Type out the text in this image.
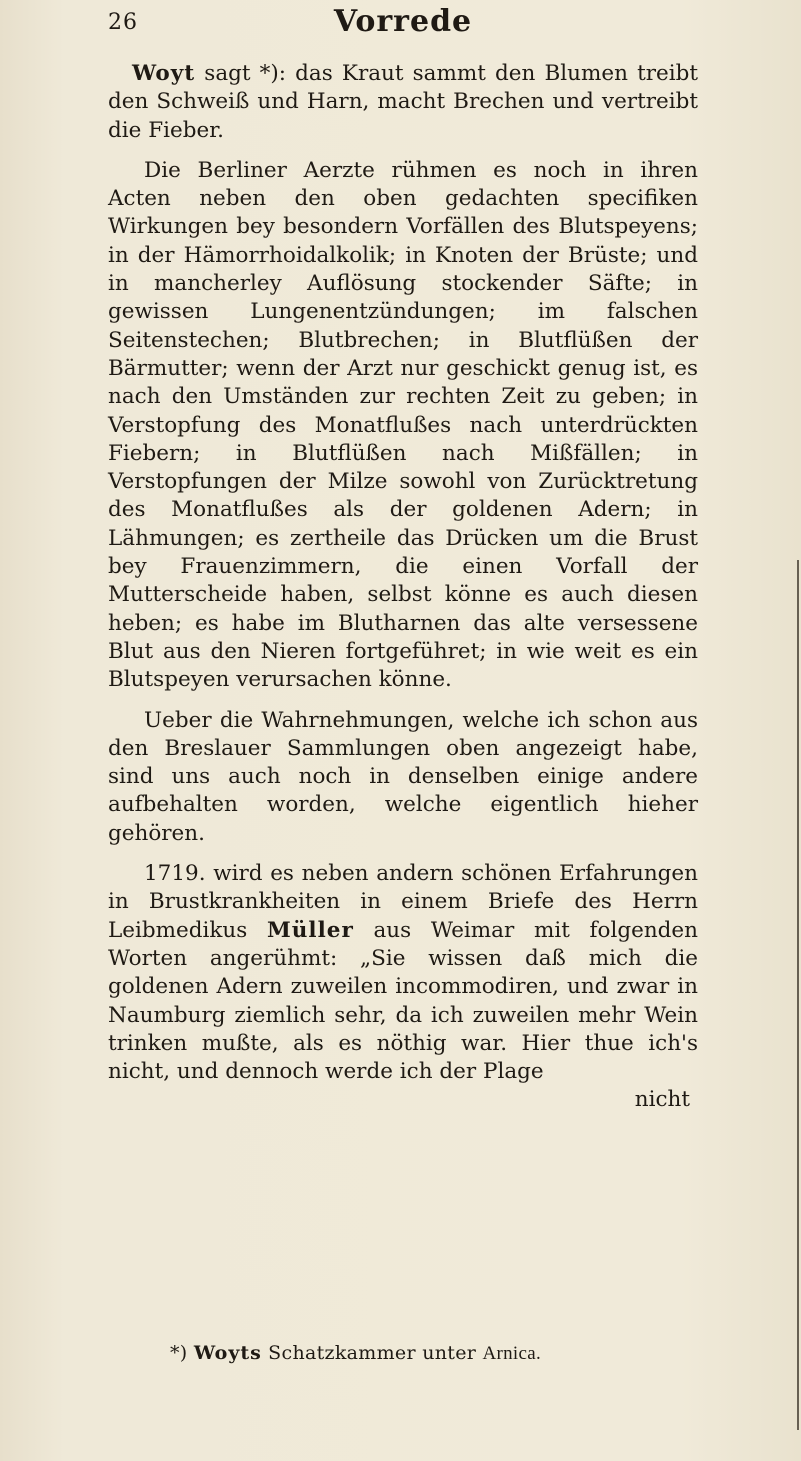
26	Vorrede

Woyt sagt *): das Kraut sammt den Blumen treibt den Schweiß und Harn, macht Brechen und vertreibt die Fieber.

Die Berliner Aerzte rühmen es noch in ihren Acten neben den oben gedachten specifiken Wirkungen bey besondern Vorfällen des Blutspeyens; in der Hämorrhoidalkolik; in Knoten der Brüste; und in mancherley Auflösung stockender Säfte; in gewissen Lungenentzündungen; im falschen Seitenstechen; Blutbrechen; in Blutflüßen der Bärmutter; wenn der Arzt nur geschickt genug ist, es nach den Umständen zur rechten Zeit zu geben; in Verstopfung des Monatflußes nach unterdrückten Fiebern; in Blutflüßen nach Mißfällen; in Verstopfungen der Milze sowohl von Zurücktretung des Monatflußes als der goldenen Adern; in Lähmungen; es zertheile das Drücken um die Brust bey Frauenzimmern, die einen Vorfall der Mutterscheide haben, selbst könne es auch diesen heben; es habe im Blutharnen das alte versessene Blut aus den Nieren fortgeführet; in wie weit es ein Blutspeyen verursachen könne.

Ueber die Wahrnehmungen, welche ich schon aus den Breslauer Sammlungen oben angezeigt habe, sind uns auch noch in denselben einige andere aufbehalten worden, welche eigentlich hieher gehören.

1719. wird es neben andern schönen Erfahrungen in Brustkrankheiten in einem Briefe des Herrn Leibmedikus Müller aus Weimar mit folgenden Worten angerühmt: „Sie wissen daß mich die goldenen Adern zuweilen incommodiren, und zwar in Naumburg ziemlich sehr, da ich zuweilen mehr Wein trinken mußte, als es nöthig war. Hier thue ich's nicht, und dennoch werde ich der Plage

nicht

*) Woyts Schatzkammer unter Arnica.
